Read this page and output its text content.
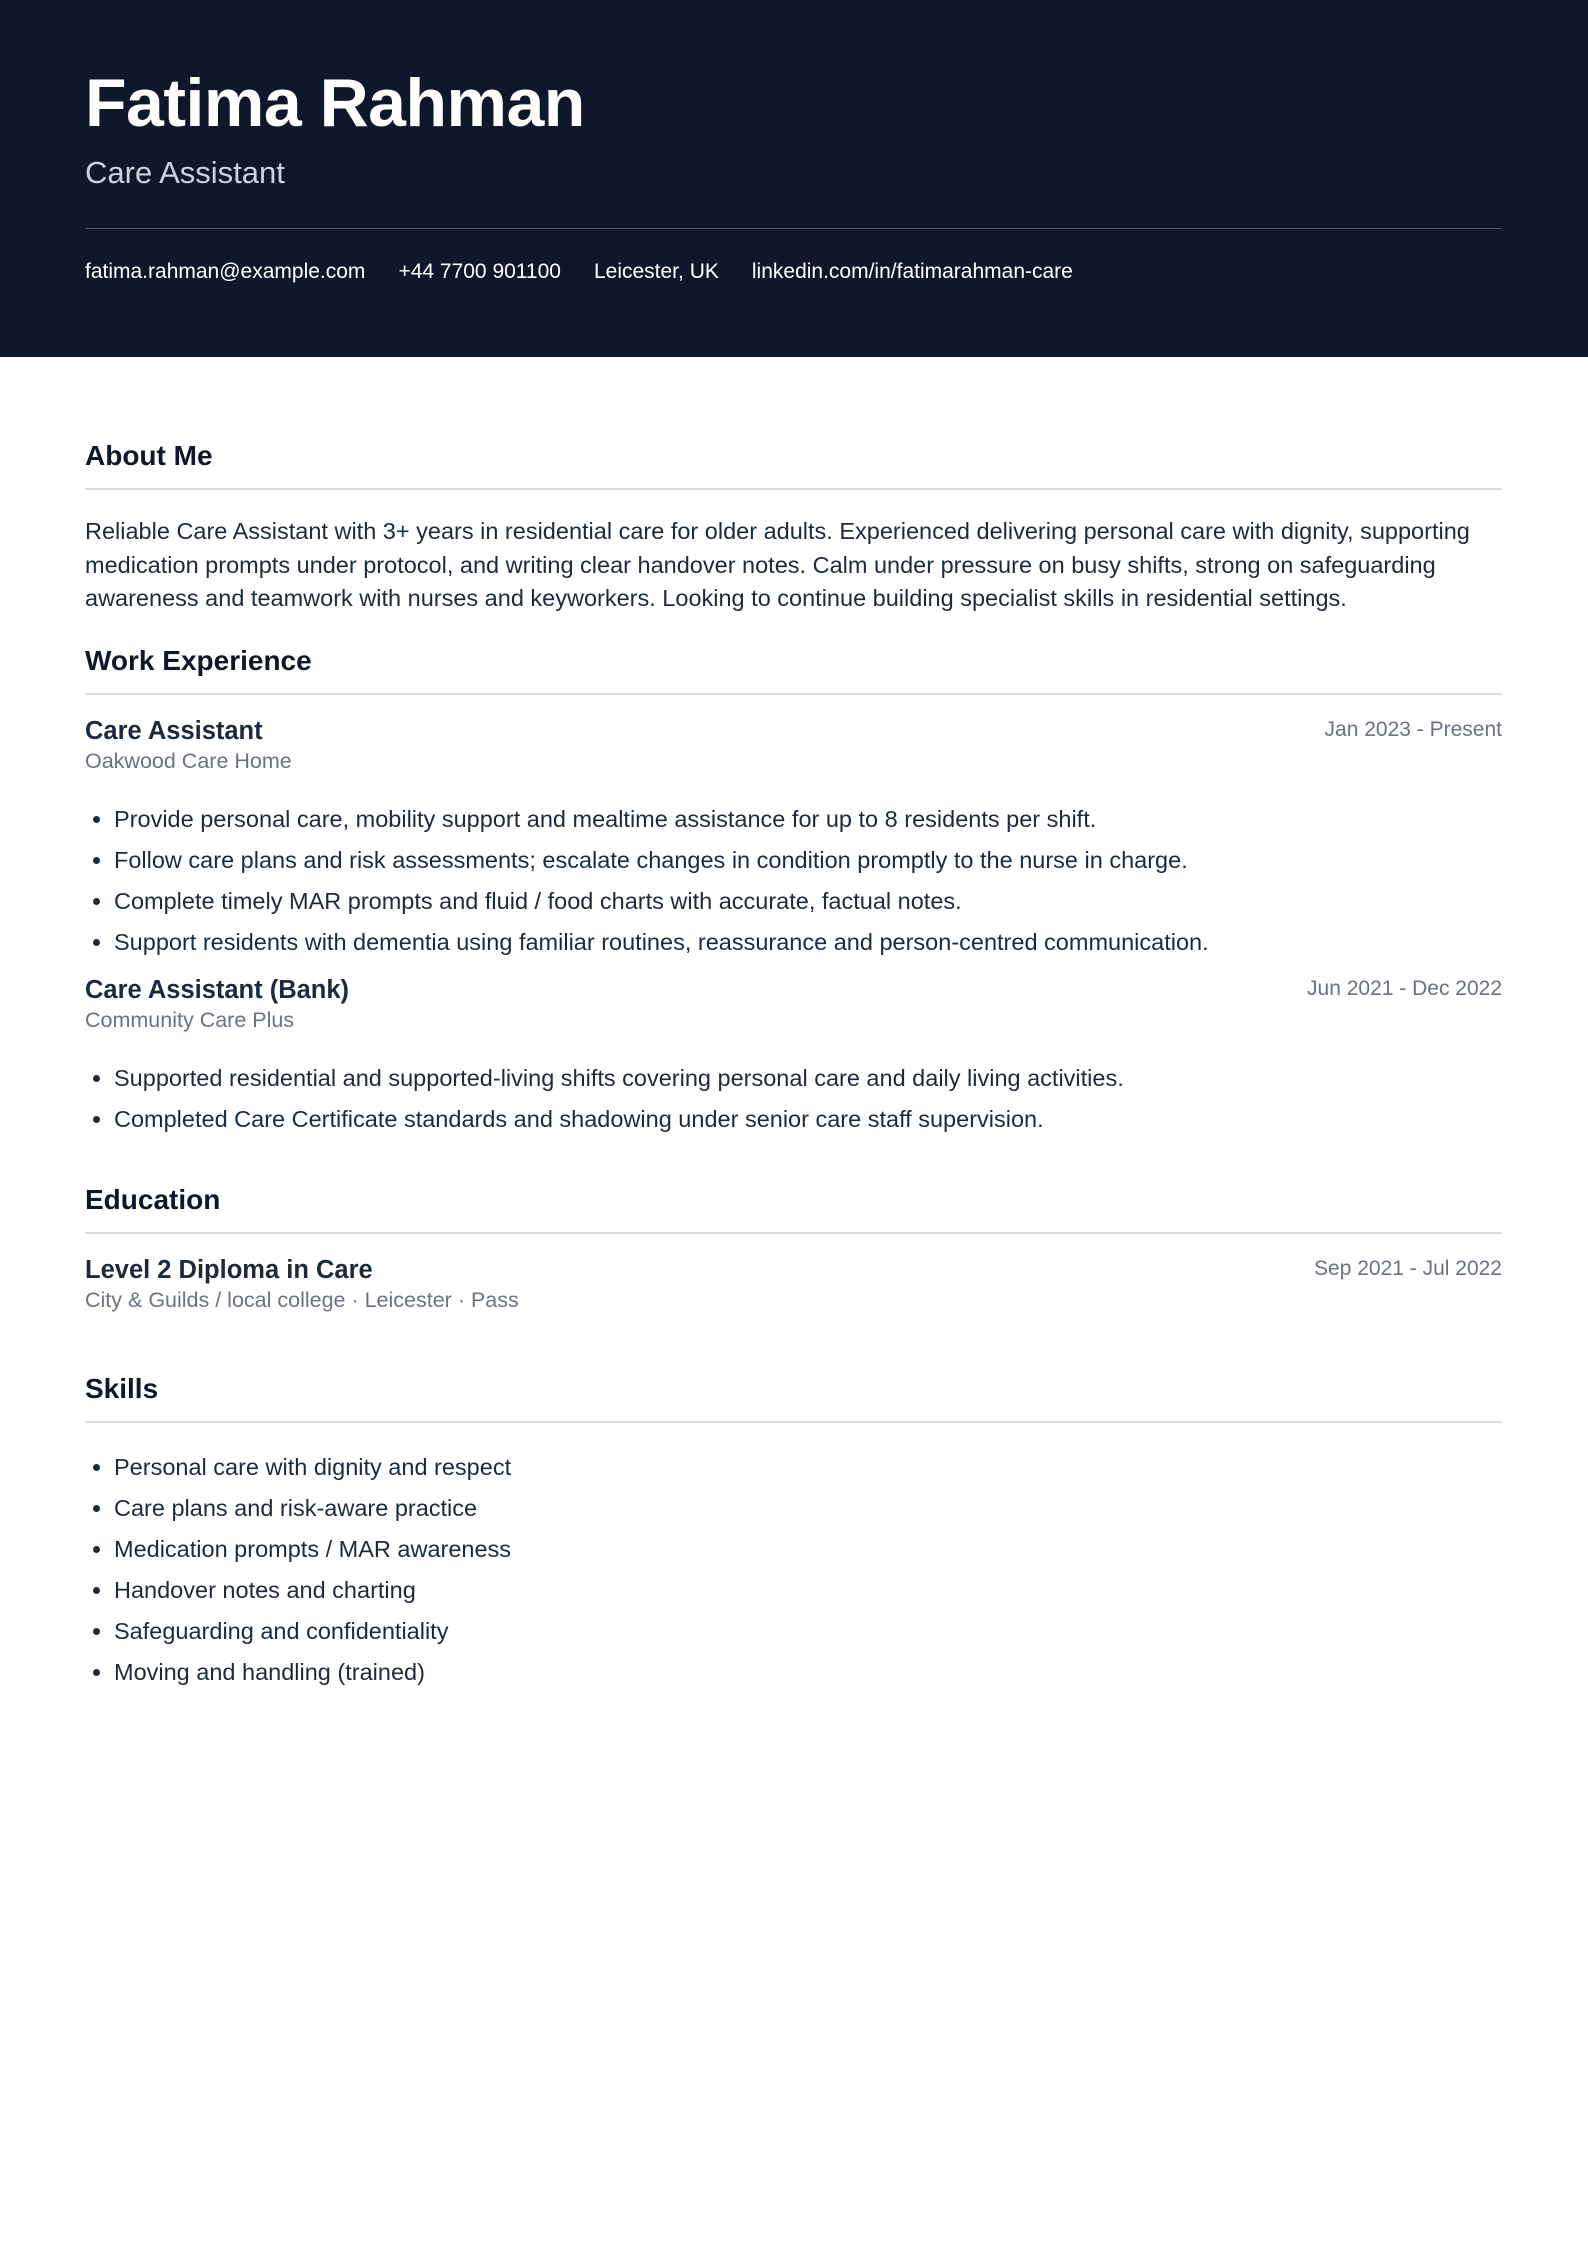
Fatima Rahman
Care Assistant
fatima.rahman@example.com +44 7700 901100 Leicester, UK linkedin.com/in/fatimarahman-care
About Me

Reliable Care Assistant with 3+ years in residential care for older adults. Experienced delivering personal care with dignity, supporting medication prompts under protocol, and writing clear handover notes. Calm under pressure on busy shifts, strong on safeguarding awareness and teamwork with nurses and keyworkers. Looking to continue building specialist skills in residential settings.

Work Experience
Care Assistant	Jan 2023 - Present
Oakwood Care Home
• Provide personal care, mobility support and mealtime assistance for up to 8 residents per shift.
• Follow care plans and risk assessments; escalate changes in condition promptly to the nurse in charge.
• Complete timely MAR prompts and fluid / food charts with accurate, factual notes.
• Support residents with dementia using familiar routines, reassurance and person-centred communication.
Care Assistant (Bank)	Jun 2021 - Dec 2022
Community Care Plus
• Supported residential and supported-living shifts covering personal care and daily living activities.
• Completed Care Certificate standards and shadowing under senior care staff supervision.
Education
Level 2 Diploma in Care	Sep 2021 - Jul 2022
City & Guilds / local college · Leicester · Pass
Skills
• Personal care with dignity and respect
• Care plans and risk-aware practice
• Medication prompts / MAR awareness
• Handover notes and charting
• Safeguarding and confidentiality
• Moving and handling (trained)
